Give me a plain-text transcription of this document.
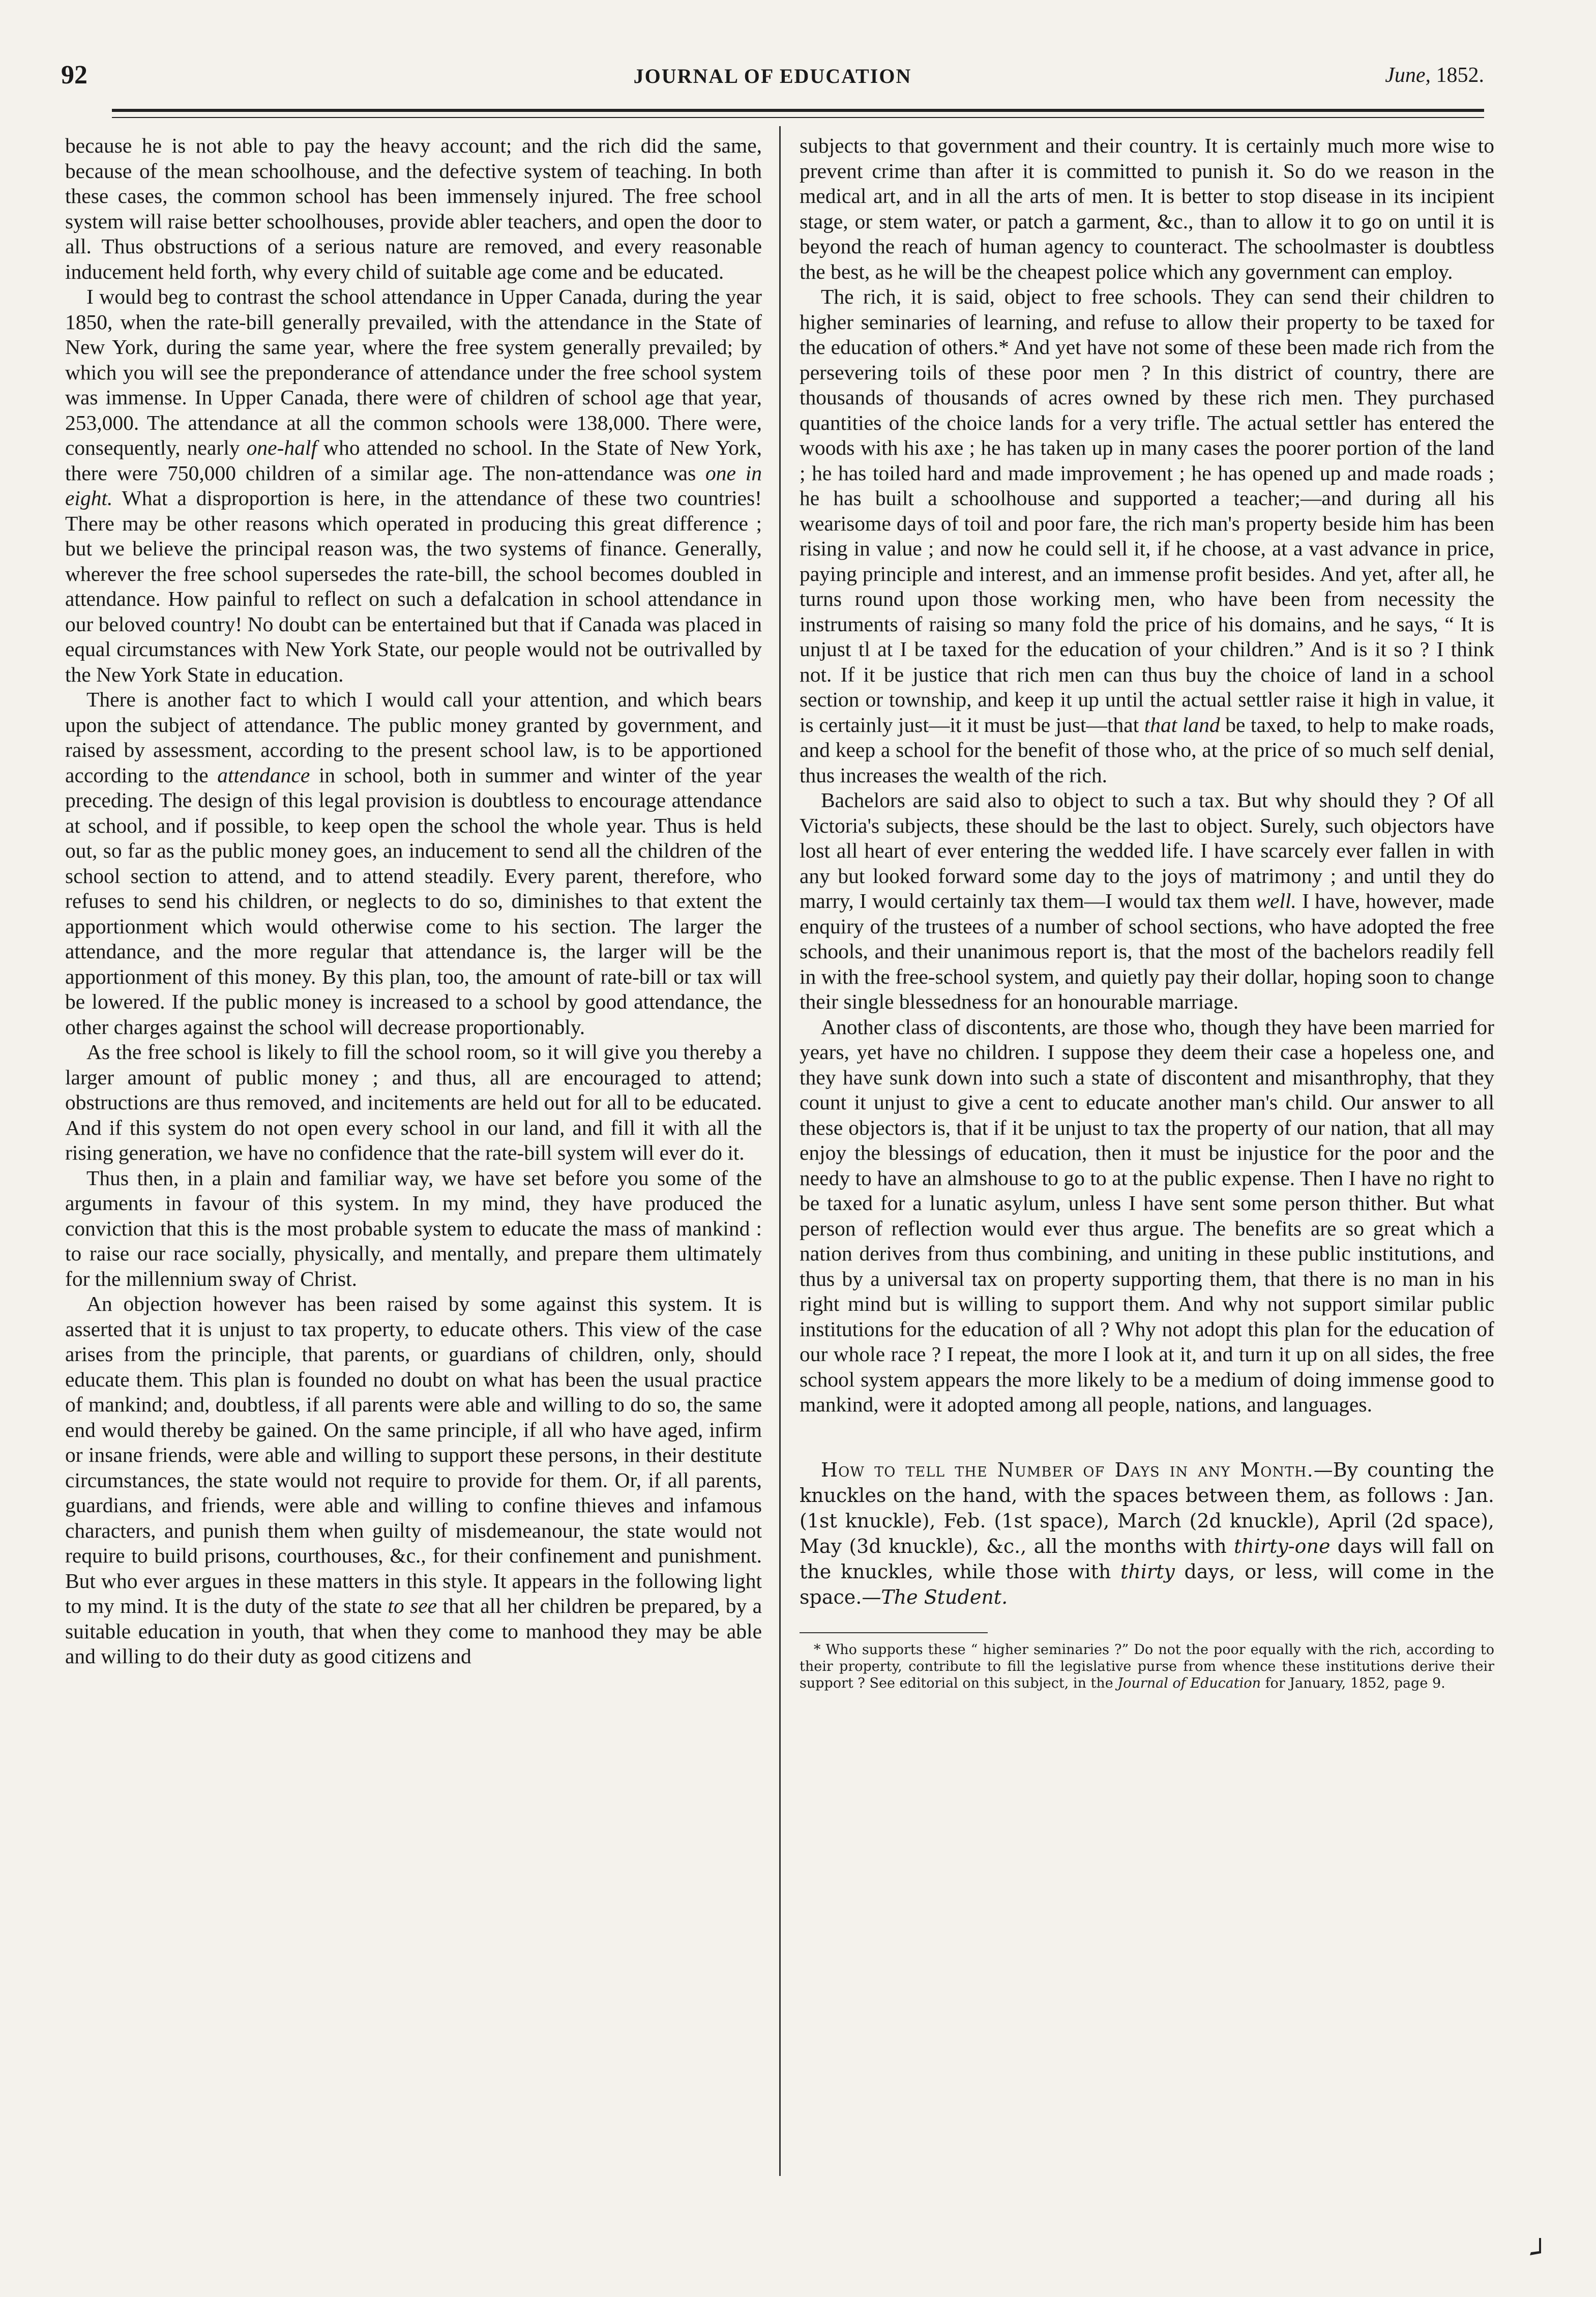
92	JOURNAL OF EDUCATION	June, 1852.

because he is not able to pay the heavy account; and the rich did the same, because of the mean schoolhouse, and the defective system of teaching. In both these cases, the common school has been immensely injured. The free school system will raise better schoolhouses, provide abler teachers, and open the door to all. Thus obstructions of a serious nature are removed, and every reasonable inducement held forth, why every child of suitable age come and be educated.

I would beg to contrast the school attendance in Upper Canada, during the year 1850, when the rate-bill generally prevailed, with the attendance in the State of New York, during the same year, where the free system generally prevailed; by which you will see the preponderance of attendance under the free school system was immense. In Upper Canada, there were of children of school age that year, 253,000. The attendance at all the common schools were 138,000. There were, consequently, nearly one-half who attended no school. In the State of New York, there were 750,000 children of a similar age. The non-attendance was one in eight. What a disproportion is here, in the attendance of these two countries! There may be other reasons which operated in producing this great difference ; but we believe the principal reason was, the two systems of finance. Generally, wherever the free school supersedes the rate-bill, the school becomes doubled in attendance. How painful to reflect on such a defalcation in school attendance in our beloved country! No doubt can be entertained but that if Canada was placed in equal circumstances with New York State, our people would not be outrivalled by the New York State in education.

There is another fact to which I would call your attention, and which bears upon the subject of attendance. The public money granted by government, and raised by assessment, according to the present school law, is to be apportioned according to the attendance in school, both in summer and winter of the year preceding. The design of this legal provision is doubtless to encourage attendance at school, and if possible, to keep open the school the whole year. Thus is held out, so far as the public money goes, an inducement to send all the children of the school section to attend, and to attend steadily. Every parent, therefore, who refuses to send his children, or neglects to do so, diminishes to that extent the apportionment which would otherwise come to his section. The larger the attendance, and the more regular that attendance is, the larger will be the apportionment of this money. By this plan, too, the amount of rate-bill or tax will be lowered. If the public money is increased to a school by good attendance, the other charges against the school will decrease proportionably.

As the free school is likely to fill the school room, so it will give you thereby a larger amount of public money ; and thus, all are encouraged to attend; obstructions are thus removed, and incitements are held out for all to be educated. And if this system do not open every school in our land, and fill it with all the rising generation, we have no confidence that the rate-bill system will ever do it.

Thus then, in a plain and familiar way, we have set before you some of the arguments in favour of this system. In my mind, they have produced the conviction that this is the most probable system to educate the mass of mankind : to raise our race socially, physically, and mentally, and prepare them ultimately for the millennium sway of Christ.

An objection however has been raised by some against this system. It is asserted that it is unjust to tax property, to educate others. This view of the case arises from the principle, that parents, or guardians of children, only, should educate them. This plan is founded no doubt on what has been the usual practice of mankind; and, doubtless, if all parents were able and willing to do so, the same end would thereby be gained. On the same principle, if all who have aged, infirm or insane friends, were able and willing to support these persons, in their destitute circumstances, the state would not require to provide for them. Or, if all parents, guardians, and friends, were able and willing to confine thieves and infamous characters, and punish them when guilty of misdemeanour, the state would not require to build prisons, courthouses, &c., for their confinement and punishment. But who ever argues in these matters in this style. It appears in the following light to my mind. It is the duty of the state to see that all her children be prepared, by a suitable education in youth, that when they come to manhood they may be able and willing to do their duty as good citizens and

subjects to that government and their country. It is certainly much more wise to prevent crime than after it is committed to punish it. So do we reason in the medical art, and in all the arts of men. It is better to stop disease in its incipient stage, or stem water, or patch a garment, &c., than to allow it to go on until it is beyond the reach of human agency to counteract. The schoolmaster is doubtless the best, as he will be the cheapest police which any government can employ.

The rich, it is said, object to free schools. They can send their children to higher seminaries of learning, and refuse to allow their property to be taxed for the education of others.* And yet have not some of these been made rich from the persevering toils of these poor men ? In this district of country, there are thousands of thousands of acres owned by these rich men. They purchased quantities of the choice lands for a very trifle. The actual settler has entered the woods with his axe ; he has taken up in many cases the poorer portion of the land ; he has toiled hard and made improvement ; he has opened up and made roads ; he has built a schoolhouse and supported a teacher;—and during all his wearisome days of toil and poor fare, the rich man's property beside him has been rising in value ; and now he could sell it, if he choose, at a vast advance in price, paying principle and interest, and an immense profit besides. And yet, after all, he turns round upon those working men, who have been from necessity the instruments of raising so many fold the price of his domains, and he says, “ It is unjust tl at I be taxed for the education of your children.” And is it so ? I think not. If it be justice that rich men can thus buy the choice of land in a school section or township, and keep it up until the actual settler raise it high in value, it is certainly just—it it must be just—that that land be taxed, to help to make roads, and keep a school for the benefit of those who, at the price of so much self denial, thus increases the wealth of the rich.

Bachelors are said also to object to such a tax. But why should they ? Of all Victoria's subjects, these should be the last to object. Surely, such objectors have lost all heart of ever entering the wedded life. I have scarcely ever fallen in with any but looked forward some day to the joys of matrimony ; and until they do marry, I would certainly tax them—I would tax them well. I have, however, made enquiry of the trustees of a number of school sections, who have adopted the free schools, and their unanimous report is, that the most of the bachelors readily fell in with the free-school system, and quietly pay their dollar, hoping soon to change their single blessedness for an honourable marriage.

Another class of discontents, are those who, though they have been married for years, yet have no children. I suppose they deem their case a hopeless one, and they have sunk down into such a state of discontent and misanthrophy, that they count it unjust to give a cent to educate another man's child. Our answer to all these objectors is, that if it be unjust to tax the property of our nation, that all may enjoy the blessings of education, then it must be injustice for the poor and the needy to have an almshouse to go to at the public expense. Then I have no right to be taxed for a lunatic asylum, unless I have sent some person thither. But what person of reflection would ever thus argue. The benefits are so great which a nation derives from thus combining, and uniting in these public institutions, and thus by a universal tax on property supporting them, that there is no man in his right mind but is willing to support them. And why not support similar public institutions for the education of all ? Why not adopt this plan for the education of our whole race ? I repeat, the more I look at it, and turn it up on all sides, the free school system appears the more likely to be a medium of doing immense good to mankind, were it adopted among all people, nations, and languages.

How to tell the Number of Days in any Month.—By counting the knuckles on the hand, with the spaces between them, as follows : Jan. (1st knuckle), Feb. (1st space), March (2d knuckle), April (2d space), May (3d knuckle), &c., all the months with thirty-one days will fall on the knuckles, while those with thirty days, or less, will come in the space.—The Student.

* Who supports these “ higher seminaries ?” Do not the poor equally with the rich, according to their property, contribute to fill the legislative purse from whence these institutions derive their support ? See editorial on this subject, in the Journal of Education for January, 1852, page 9.
